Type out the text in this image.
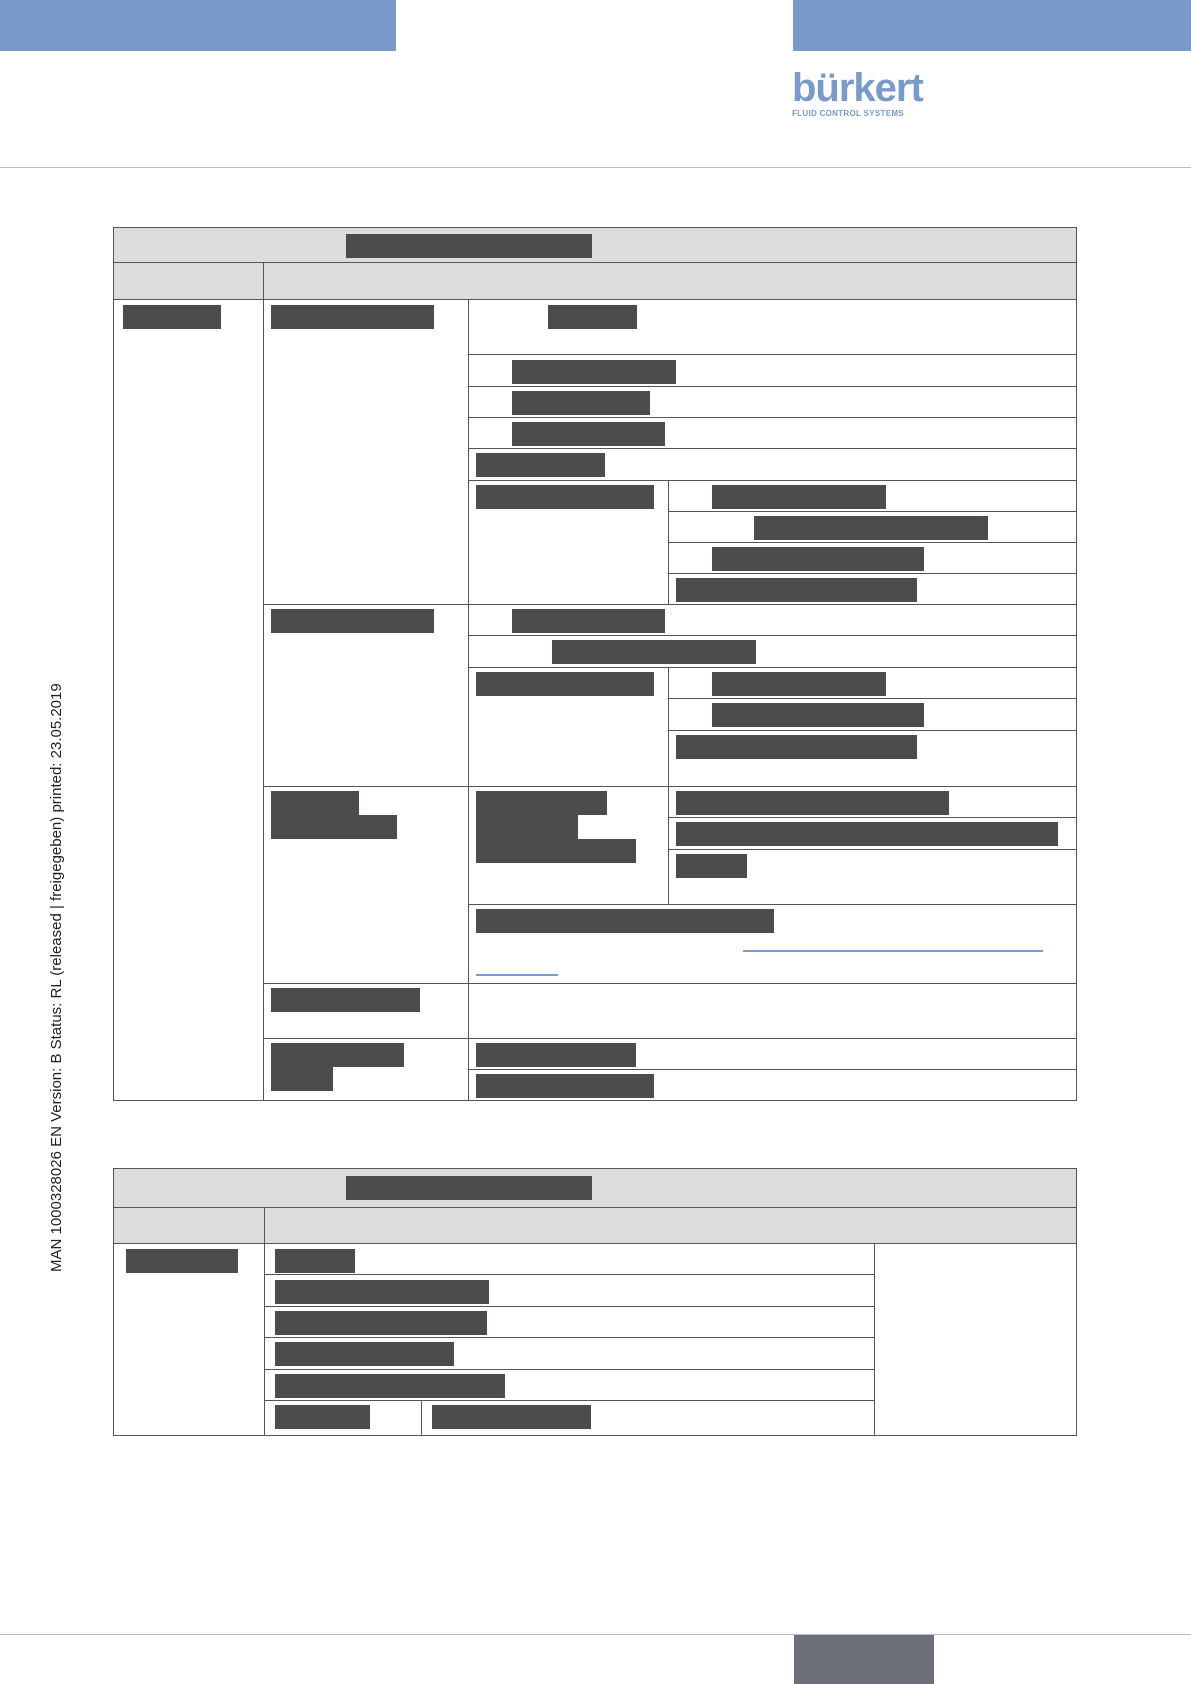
bürkert
FLUID CONTROL SYSTEMS
MAN 1000328026 EN Version: B Status: RL (released | freigegeben) printed: 23.05.2019
